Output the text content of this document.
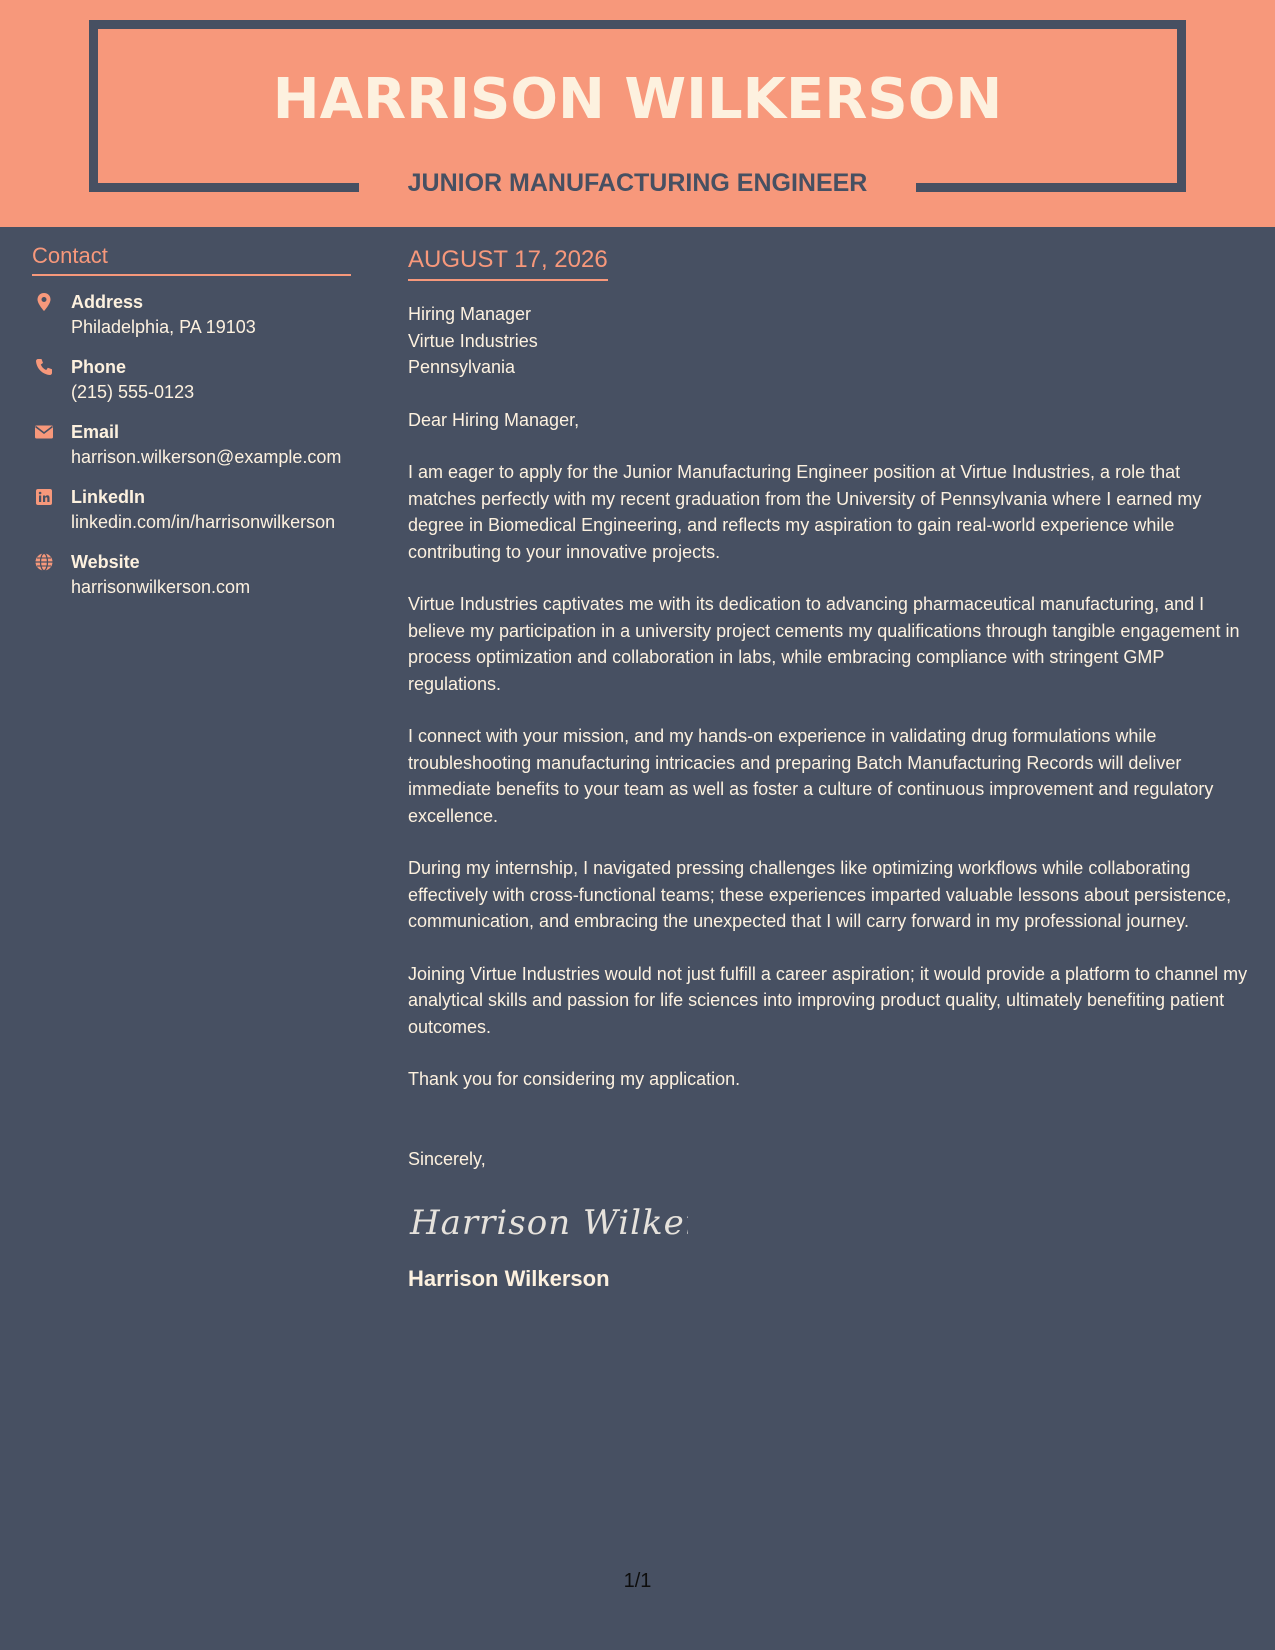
HARRISON WILKERSON
JUNIOR MANUFACTURING ENGINEER
Contact
Address
Philadelphia, PA 19103
Phone
(215) 555-0123
Email
harrison.wilkerson@example.com
LinkedIn
linkedin.com/in/harrisonwilkerson
Website
harrisonwilkerson.com
AUGUST 17, 2026
Hiring Manager
Virtue Industries
Pennsylvania
Dear Hiring Manager,
I am eager to apply for the Junior Manufacturing Engineer position at Virtue Industries, a role that matches perfectly with my recent graduation from the University of Pennsylvania where I earned my degree in Biomedical Engineering, and reflects my aspiration to gain real-world experience while contributing to your innovative projects.
Virtue Industries captivates me with its dedication to advancing pharmaceutical manufacturing, and I believe my participation in a university project cements my qualifications through tangible engagement in process optimization and collaboration in labs, while embracing compliance with stringent GMP regulations.
I connect with your mission, and my hands-on experience in validating drug formulations while troubleshooting manufacturing intricacies and preparing Batch Manufacturing Records will deliver immediate benefits to your team as well as foster a culture of continuous improvement and regulatory excellence.
During my internship, I navigated pressing challenges like optimizing workflows while collaborating effectively with cross-functional teams; these experiences imparted valuable lessons about persistence, communication, and embracing the unexpected that I will carry forward in my professional journey.
Joining Virtue Industries would not just fulfill a career aspiration; it would provide a platform to channel my analytical skills and passion for life sciences into improving product quality, ultimately benefiting patient outcomes.
Thank you for considering my application.
Sincerely,
Harrison Wilker
Harrison Wilkerson
1/1
